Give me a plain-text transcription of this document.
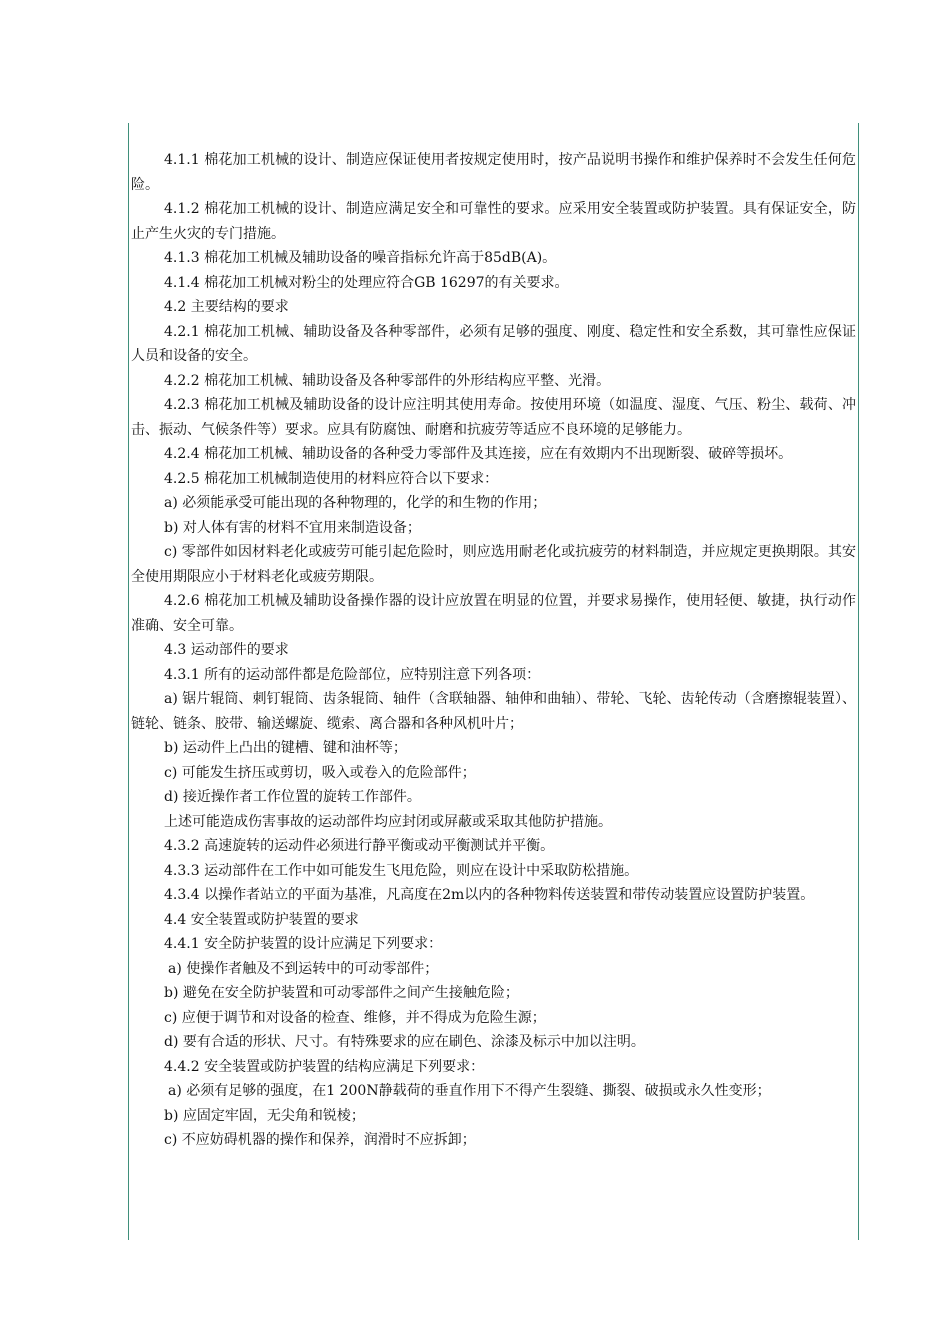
4.1.1 棉花加工机械的设计、制造应保证使用者按规定使用时，按产品说明书操作和维护保养时不会发生任何危险。

4.1.2 棉花加工机械的设计、制造应满足安全和可靠性的要求。应采用安全装置或防护装置。具有保证安全，防止产生火灾的专门措施。

4.1.3 棉花加工机械及辅助设备的噪音指标允许高于85dB(A)。

4.1.4 棉花加工机械对粉尘的处理应符合GB 16297的有关要求。

4.2 主要结构的要求

4.2.1 棉花加工机械、辅助设备及各种零部件，必须有足够的强度、刚度、稳定性和安全系数，其可靠性应保证人员和设备的安全。

4.2.2 棉花加工机械、辅助设备及各种零部件的外形结构应平整、光滑。

4.2.3 棉花加工机械及辅助设备的设计应注明其使用寿命。按使用环境（如温度、湿度、气压、粉尘、载荷、冲击、振动、气候条件等）要求。应具有防腐蚀、耐磨和抗疲劳等适应不良环境的足够能力。

4.2.4 棉花加工机械、辅助设备的各种受力零部件及其连接，应在有效期内不出现断裂、破碎等损坏。

4.2.5 棉花加工机械制造使用的材料应符合以下要求：

a) 必须能承受可能出现的各种物理的，化学的和生物的作用；

b) 对人体有害的材料不宜用来制造设备；

c) 零部件如因材料老化或疲劳可能引起危险时，则应选用耐老化或抗疲劳的材料制造，并应规定更换期限。其安全使用期限应小于材料老化或疲劳期限。

4.2.6 棉花加工机械及辅助设备操作器的设计应放置在明显的位置，并要求易操作，使用轻便、敏捷，执行动作准确、安全可靠。

4.3 运动部件的要求

4.3.1 所有的运动部件都是危险部位，应特别注意下列各项：

a) 锯片辊筒、刺钉辊筒、齿条辊筒、轴件（含联轴器、轴伸和曲轴）、带轮、飞轮、齿轮传动（含磨擦辊装置）、链轮、链条、胶带、输送螺旋、缆索、离合器和各种风机叶片；

b) 运动件上凸出的键槽、键和油杯等；

c) 可能发生挤压或剪切，吸入或卷入的危险部件；

d) 接近操作者工作位置的旋转工作部件。

上述可能造成伤害事故的运动部件均应封闭或屏蔽或采取其他防护措施。

4.3.2 高速旋转的运动件必须进行静平衡或动平衡测试并平衡。

4.3.3 运动部件在工作中如可能发生飞甩危险，则应在设计中采取防松措施。

4.3.4 以操作者站立的平面为基准，凡高度在2m以内的各种物料传送装置和带传动装置应设置防护装置。

4.4 安全装置或防护装置的要求

4.4.1 安全防护装置的设计应满足下列要求：

a) 使操作者触及不到运转中的可动零部件；

b) 避免在安全防护装置和可动零部件之间产生接触危险；

c) 应便于调节和对设备的检查、维修，并不得成为危险生源；

d) 要有合适的形状、尺寸。有特殊要求的应在刷色、涂漆及标示中加以注明。

4.4.2 安全装置或防护装置的结构应满足下列要求：

a) 必须有足够的强度，在1 200N静载荷的垂直作用下不得产生裂缝、撕裂、破损或永久性变形；

b) 应固定牢固，无尖角和锐棱；

c) 不应妨碍机器的操作和保养，润滑时不应拆卸；
